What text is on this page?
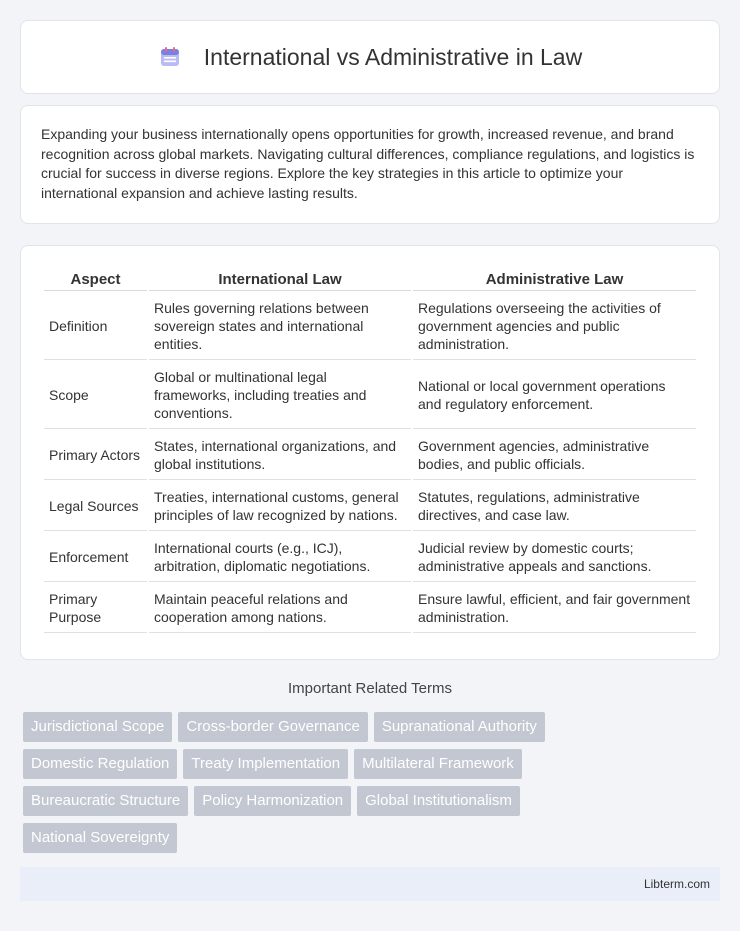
International vs Administrative in Law

Expanding your business internationally opens opportunities for growth, increased revenue, and brand recognition across global markets. Navigating cultural differences, compliance regulations, and logistics is crucial for success in diverse regions. Explore the key strategies in this article to optimize your international expansion and achieve lasting results.

Aspect	International Law	Administrative Law
Definition	Rules governing relations between sovereign states and international entities.	Regulations overseeing the activities of government agencies and public administration.
Scope	Global or multinational legal frameworks, including treaties and conventions.	National or local government operations and regulatory enforcement.
Primary Actors	States, international organizations, and global institutions.	Government agencies, administrative bodies, and public officials.
Legal Sources	Treaties, international customs, general principles of law recognized by nations.	Statutes, regulations, administrative directives, and case law.
Enforcement	International courts (e.g., ICJ), arbitration, diplomatic negotiations.	Judicial review by domestic courts; administrative appeals and sanctions.
Primary Purpose	Maintain peaceful relations and cooperation among nations.	Ensure lawful, efficient, and fair government administration.
Important Related Terms
Jurisdictional Scope	Cross-border Governance	Supranational Authority
Domestic Regulation	Treaty Implementation	Multilateral Framework
Bureaucratic Structure	Policy Harmonization	Global Institutionalism
National Sovereignty
Libterm.com
